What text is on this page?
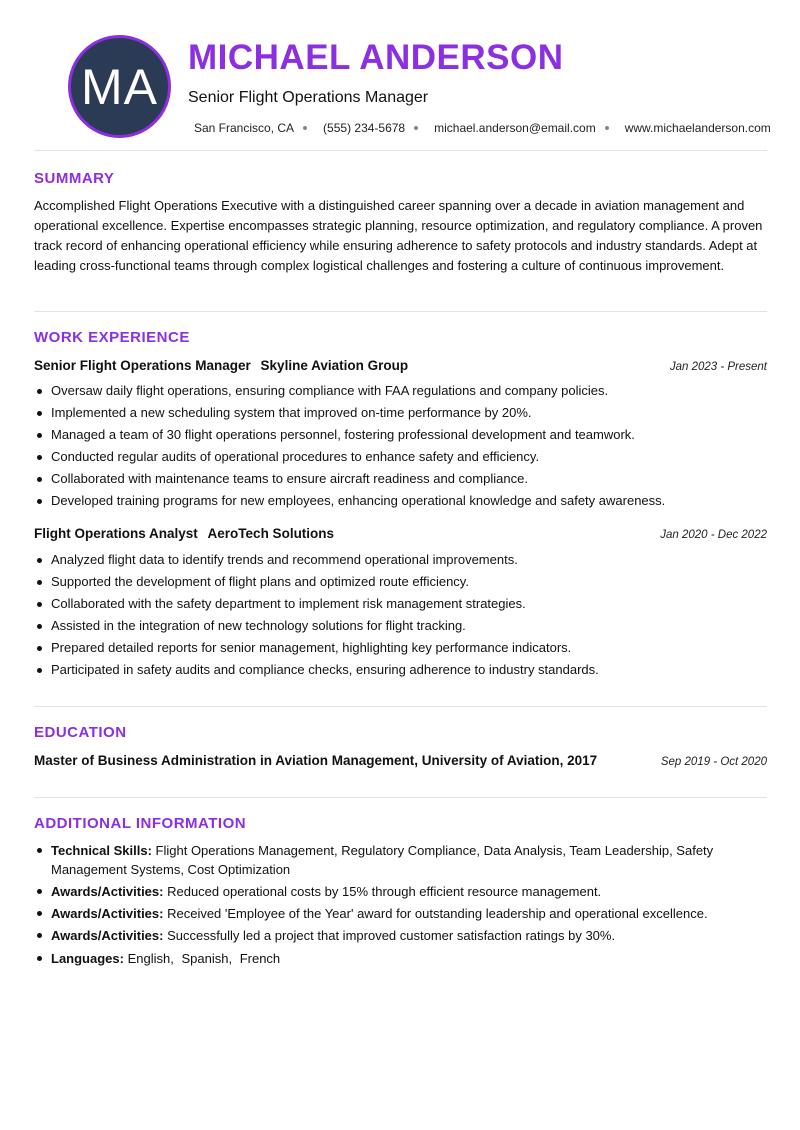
MA
MICHAEL ANDERSON

Senior Flight Operations Manager

San Francisco, CA (555) 234-5678 michael.anderson@email.com www.michaelanderson.com
SUMMARY

Accomplished Flight Operations Executive with a distinguished career spanning over a decade in aviation management and operational excellence. Expertise encompasses strategic planning, resource optimization, and regulatory compliance. A proven track record of enhancing operational efficiency while ensuring adherence to safety protocols and industry standards. Adept at leading cross-functional teams through complex logistical challenges and fostering a culture of continuous improvement.

WORK EXPERIENCE
Senior Flight Operations Manager Skyline Aviation Group	Jan 2023 - Present
Oversaw daily flight operations, ensuring compliance with FAA regulations and company policies.
Implemented a new scheduling system that improved on-time performance by 20%.
Managed a team of 30 flight operations personnel, fostering professional development and teamwork.
Conducted regular audits of operational procedures to enhance safety and efficiency.
Collaborated with maintenance teams to ensure aircraft readiness and compliance.
Developed training programs for new employees, enhancing operational knowledge and safety awareness.
Flight Operations Analyst AeroTech Solutions	Jan 2020 - Dec 2022
Analyzed flight data to identify trends and recommend operational improvements.
Supported the development of flight plans and optimized route efficiency.
Collaborated with the safety department to implement risk management strategies.
Assisted in the integration of new technology solutions for flight tracking.
Prepared detailed reports for senior management, highlighting key performance indicators.
Participated in safety audits and compliance checks, ensuring adherence to industry standards.
EDUCATION
Master of Business Administration in Aviation Management, University of Aviation, 2017	Sep 2019 - Oct 2020
ADDITIONAL INFORMATION
Technical Skills: Flight Operations Management, Regulatory Compliance, Data Analysis, Team Leadership, Safety Management Systems, Cost Optimization
Awards/Activities: Reduced operational costs by 15% through efficient resource management.
Awards/Activities: Received 'Employee of the Year' award for outstanding leadership and operational excellence.
Awards/Activities: Successfully led a project that improved customer satisfaction ratings by 30%.
Languages: English, Spanish, French
